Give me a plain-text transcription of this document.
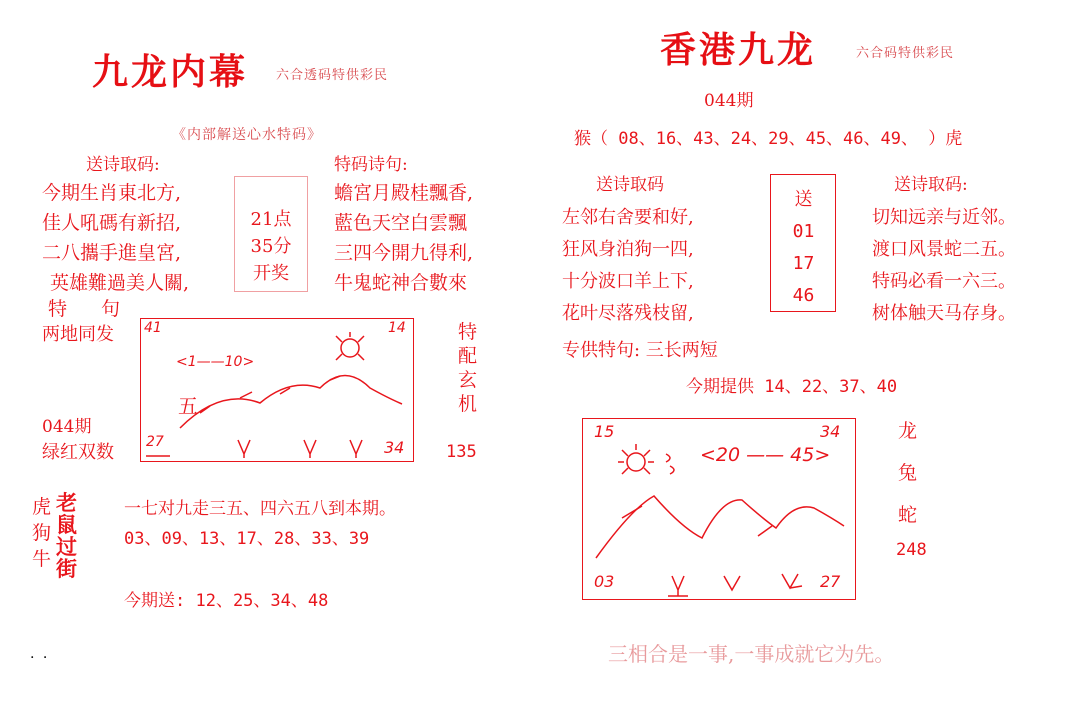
九龙内幕 六合透码特供彩民
《内部解送心水特码》
送诗取码:
今期生肖東北方,
佳人吼碼有新招,
二八攜手進皇宮,
英雄難過美人關,
特 句
两地同发
21点
35分
开奖
特码诗句:
蟾宮月殿桂飄香,
藍色天空白雲飄
三四今開九得利,
牛鬼蛇神合數來
41	14
27	34
<1——10>
五
特
配
玄
机
135
044期
绿红双数
虎
狗
牛
老
鼠
过
街
一七对九走三五、四六五八到本期。
03、09、13、17、28、33、39
今期送: 12、25、34、48
. .
香港九龙	六合码特供彩民
044期
猴（ 08、16、43、24、29、45、46、49、 ）虎
送诗取码
左邻右舍要和好,
狂风身泊狗一四,
十分波口羊上下,
花叶尽落残枝留,
送
01
17
46
送诗取码:
切知远亲与近邻。
渡口风景蛇二五。
特码必看一六三。
树体触天马存身。
专供特句: 三长两短
今期提供 14、22、37、40
15	34
03	27
<20 —— 45>
龙
兔
蛇
248
三相合是一事,一事成就它为先。
